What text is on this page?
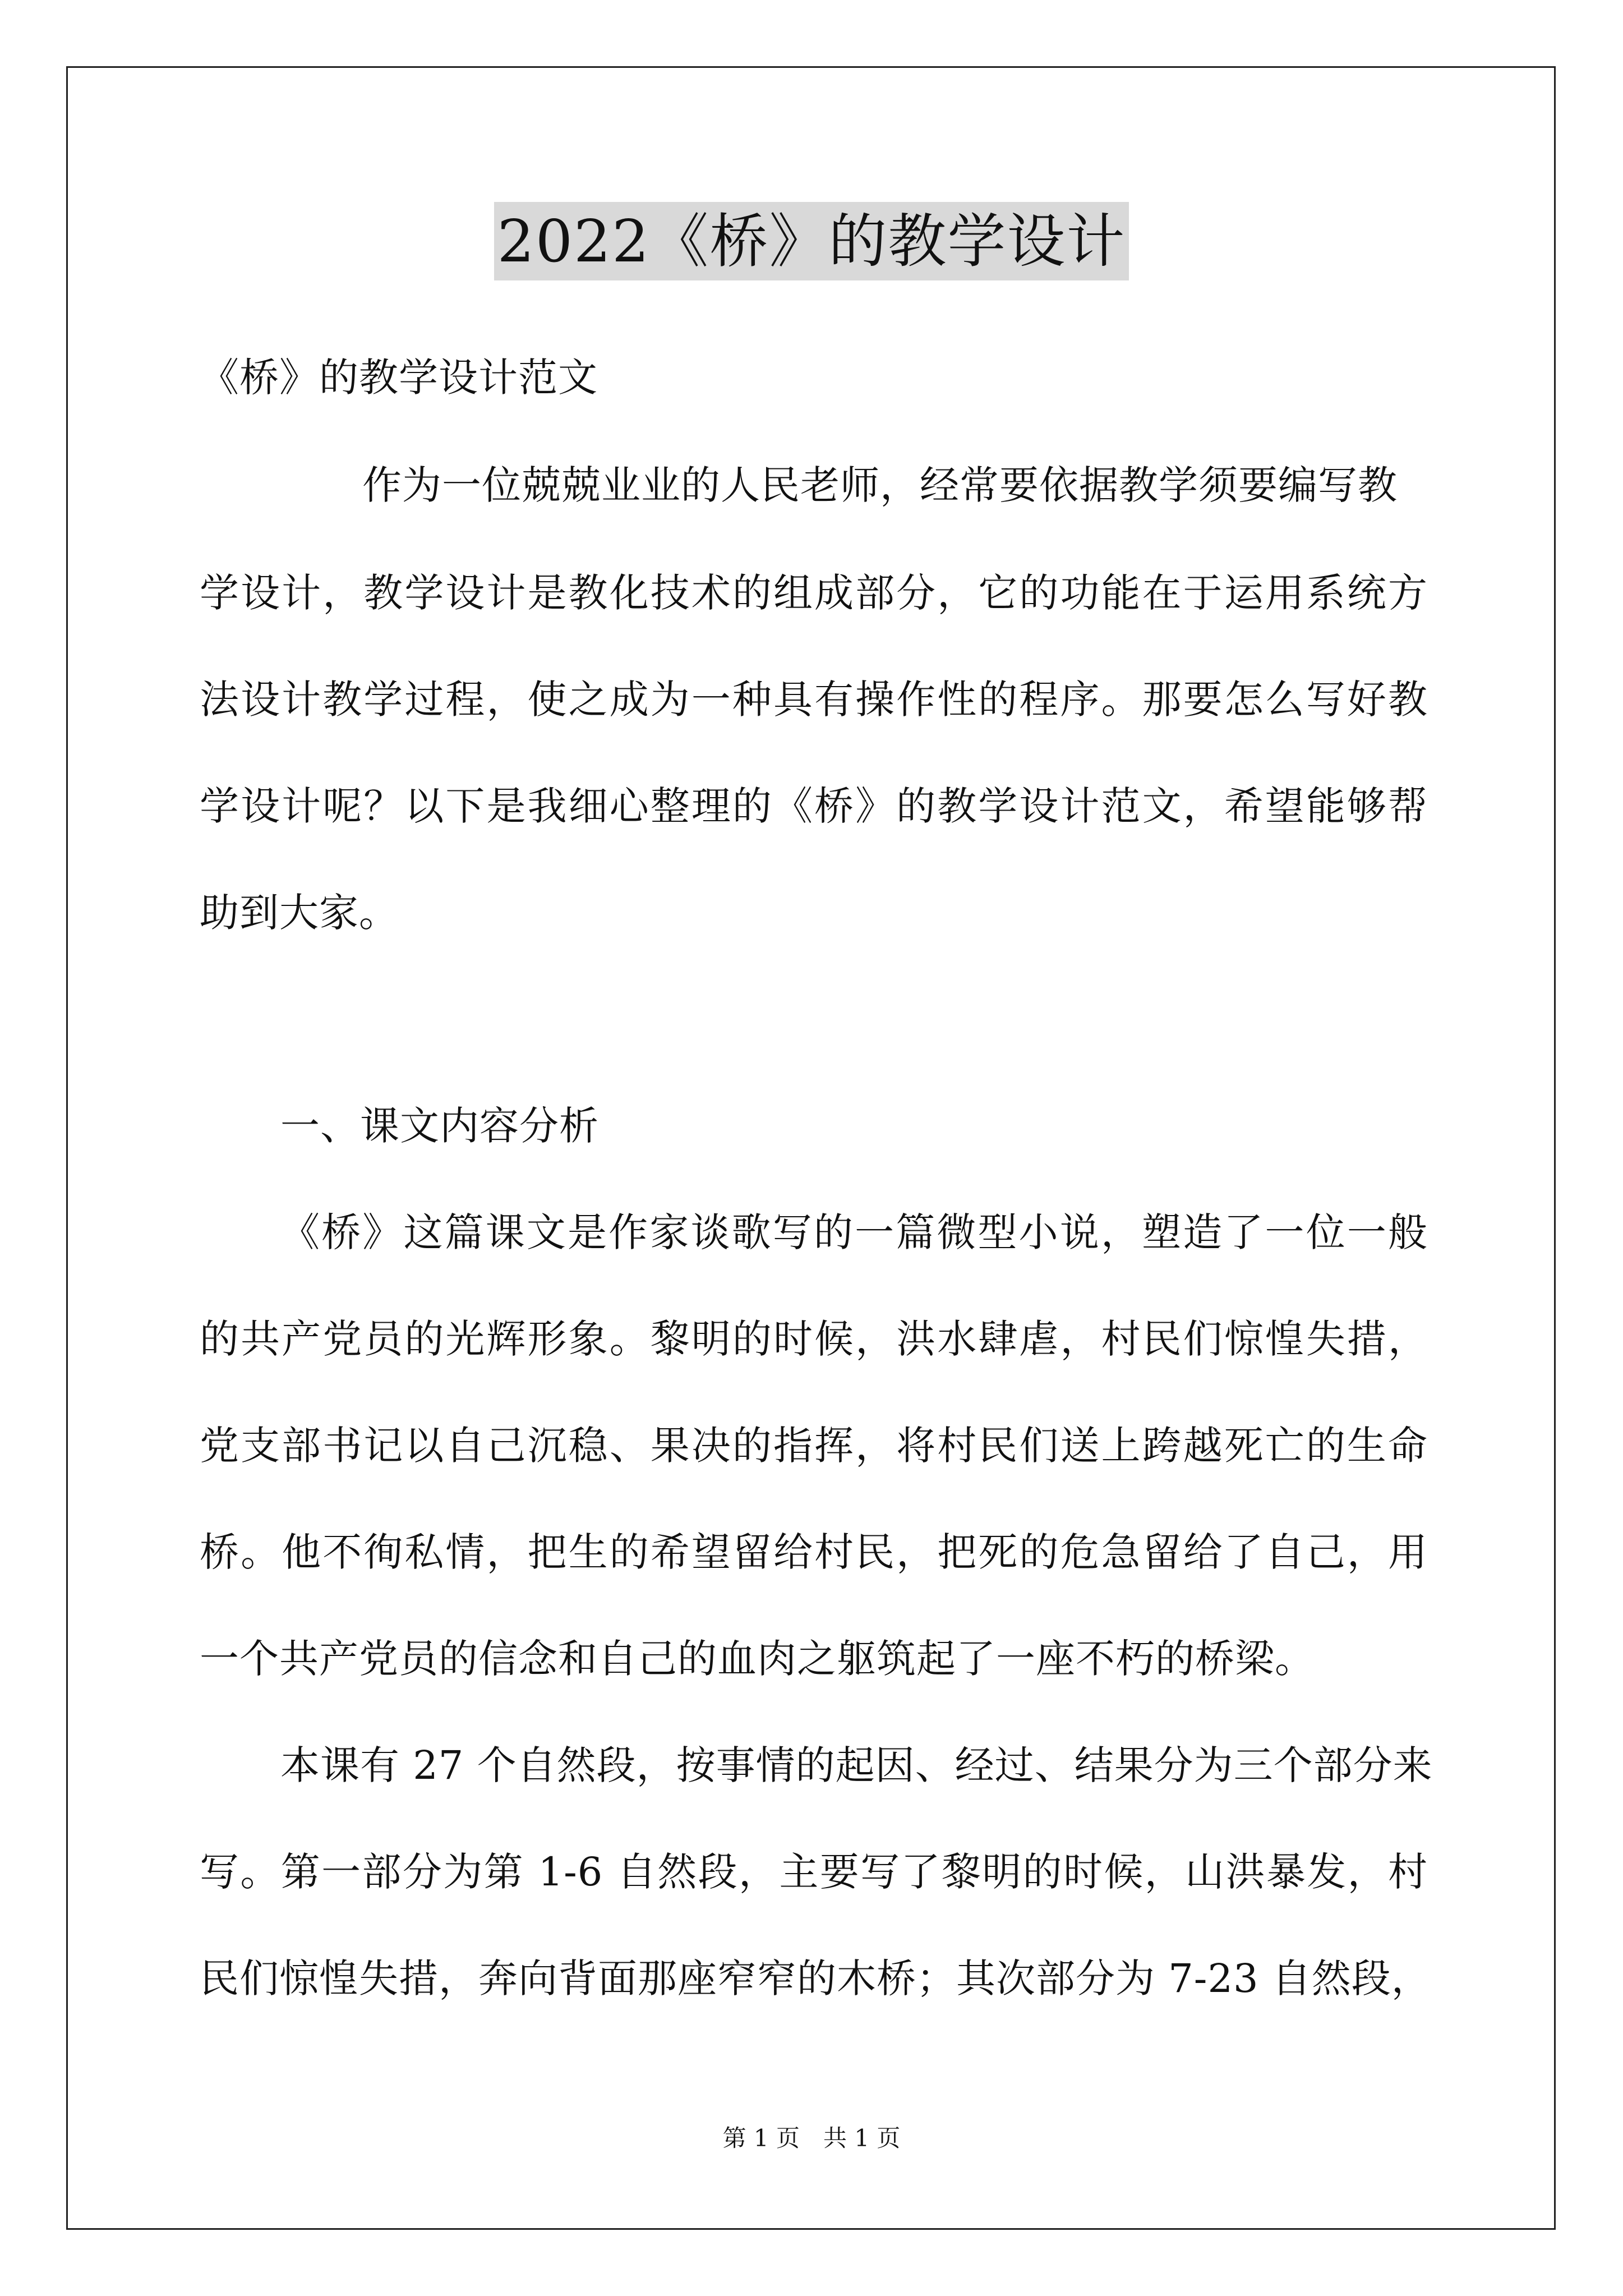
2022《桥》的教学设计
《桥》的教学设计范文
作为一位兢兢业业的人民老师，经常要依据教学须要编写教
学设计，教学设计是教化技术的组成部分，它的功能在于运用系统方
法设计教学过程，使之成为一种具有操作性的程序。那要怎么写好教
学设计呢？以下是我细心整理的《桥》的教学设计范文，希望能够帮
助到大家。
一、课文内容分析
《桥》这篇课文是作家谈歌写的一篇微型小说，塑造了一位一般
的共产党员的光辉形象。黎明的时候，洪水肆虐，村民们惊惶失措，
党支部书记以自己沉稳、果决的指挥，将村民们送上跨越死亡的生命
桥。他不徇私情，把生的希望留给村民，把死的危急留给了自己，用
一个共产党员的信念和自己的血肉之躯筑起了一座不朽的桥梁。
本课有 27 个自然段，按事情的起因、经过、结果分为三个部分来
写。第一部分为第 1-6 自然段，主要写了黎明的时候，山洪暴发，村
民们惊惶失措，奔向背面那座窄窄的木桥；其次部分为 7-23 自然段，
第 1 页　共 1 页
